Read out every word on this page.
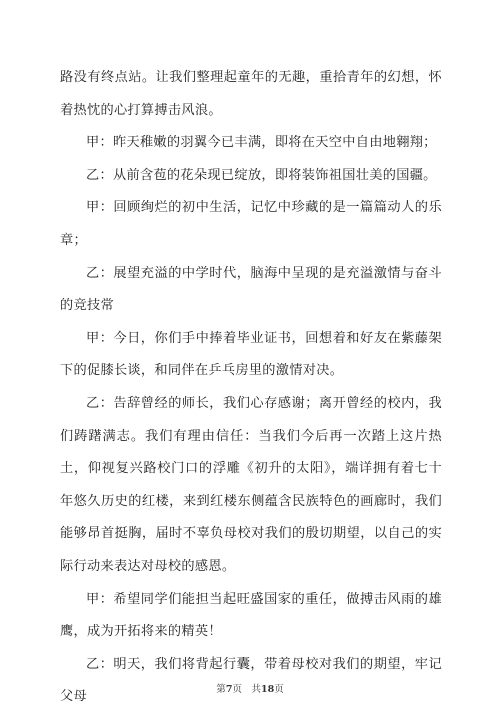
路没有终点站。让我们整理起童年的无趣，重拾青年的幻想，怀着热忱的心打算搏击风浪。

甲：昨天稚嫩的羽翼今已丰满，即将在天空中自由地翱翔；

乙：从前含苞的花朵现已绽放，即将装饰祖国壮美的国疆。

甲：回顾绚烂的初中生活，记忆中珍藏的是一篇篇动人的乐章；

乙：展望充溢的中学时代，脑海中呈现的是充溢激情与奋斗的竞技常

甲：今日，你们手中捧着毕业证书，回想着和好友在紫藤架下的促膝长谈，和同伴在乒乓房里的激情对决。

乙：告辞曾经的师长，我们心存感谢；离开曾经的校内，我们踌躇满志。我们有理由信任：当我们今后再一次踏上这片热土，仰视复兴路校门口的浮雕《初升的太阳》，端详拥有着七十年悠久历史的红楼，来到红楼东侧蕴含民族特色的画廊时，我们能够昂首挺胸，届时不辜负母校对我们的殷切期望，以自己的实际行动来表达对母校的感恩。

甲：希望同学们能担当起旺盛国家的重任，做搏击风雨的雄鹰，成为开拓将来的精英！

乙：明天，我们将背起行囊，带着母校对我们的期望，牢记父母	第7页　共18页
